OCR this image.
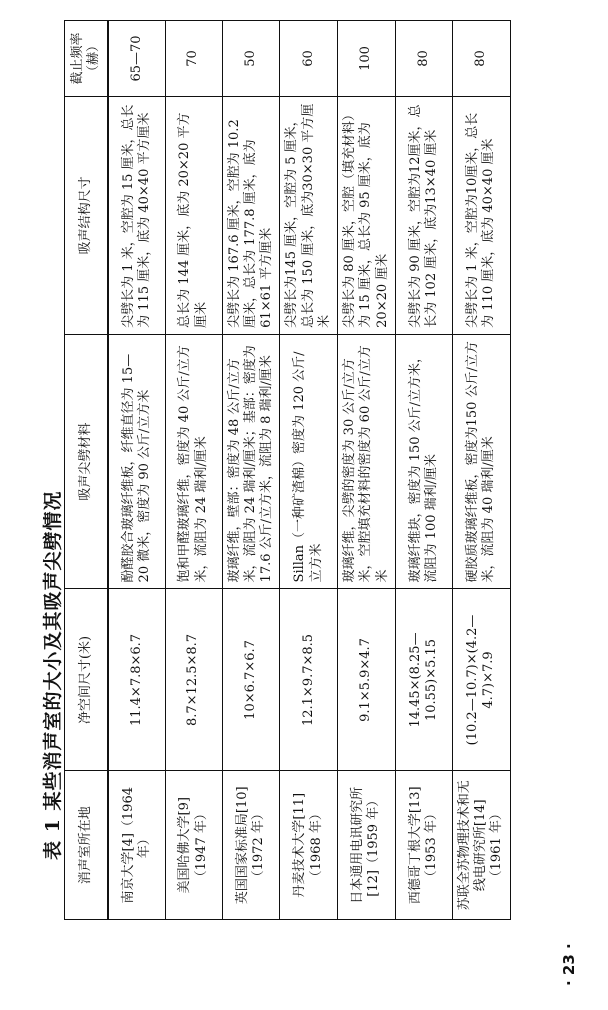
表 1 某些消声室的大小及其吸声尖劈情况 消声室所在地	净空间尺寸(米)	吸声尖劈材料	吸声结构尺寸	截止频率（赫）
南京大学[4]（1964 年）	11.4×7.8×6.7	酚醛胶合玻璃纤维板，纤维直径为 15—20 微米，密度为 90 公斤/立方米	尖劈长为 1 米，空腔为 15 厘米，总长为 115 厘米，底为 40×40 平方厘米	65—70
美国哈佛大学[9]（1947 年）	8.7×12.5×8.7	饱和甲醛玻璃纤维，密度为 40 公斤/立方米，流阻为 24 瑞利/厘米	总长为 144 厘米，底为 20×20 平方厘米	70
英国国家标准局[10]（1972 年）	10×6.7×6.7	玻璃纤维，壁部：密度为 48 公斤/立方米，流阻为 24 瑞利/厘米；基部：密度为 17.6 公斤/立方米，流阻为 8 瑞利/厘米	尖劈长为 167.6 厘米，空腔为 10.2 厘米，总长为 177.8 厘米，底为 61×61 平方厘米	50
丹麦技术大学[11]（1968 年）	12.1×9.7×8.5	Sillan（一种矿渣棉）密度为 120 公斤/立方米	尖劈长为145 厘米，空腔为 5 厘米，总长为 150 厘米，底为30×30 平方厘米	60
日本通用电讯研究所[12]（1959 年）	9.1×5.9×4.7	玻璃纤维，尖劈的密度为 30 公斤/立方米，空腔填充材料的密度为 60 公斤/立方米	尖劈长为 80 厘米，空腔（填充材料）为 15 厘米，总长为 95 厘米，底为 20×20 厘米	100
西德哥丁根大学[13]（1953 年）	14.45×(8.25—10.55)×5.15	玻璃纤维块，密度为 150 公斤/立方米，流阻为 100 瑞利/厘米	尖劈长为 90 厘米，空腔为12厘米，总长为 102 厘米，底为13×40 厘米	80
苏联全苏物理技术和无线电研究所[14]（1961 年）	(10.2—10.7)×(4.2—4.7)×7.9	硬胶质玻璃纤维板，密度为150 公斤/立方米，流阻为 40 瑞利/厘米	尖劈长为 1 米，空腔为10厘米，总长为 110 厘米，底为 40×40 厘米	80
· 23 ·
